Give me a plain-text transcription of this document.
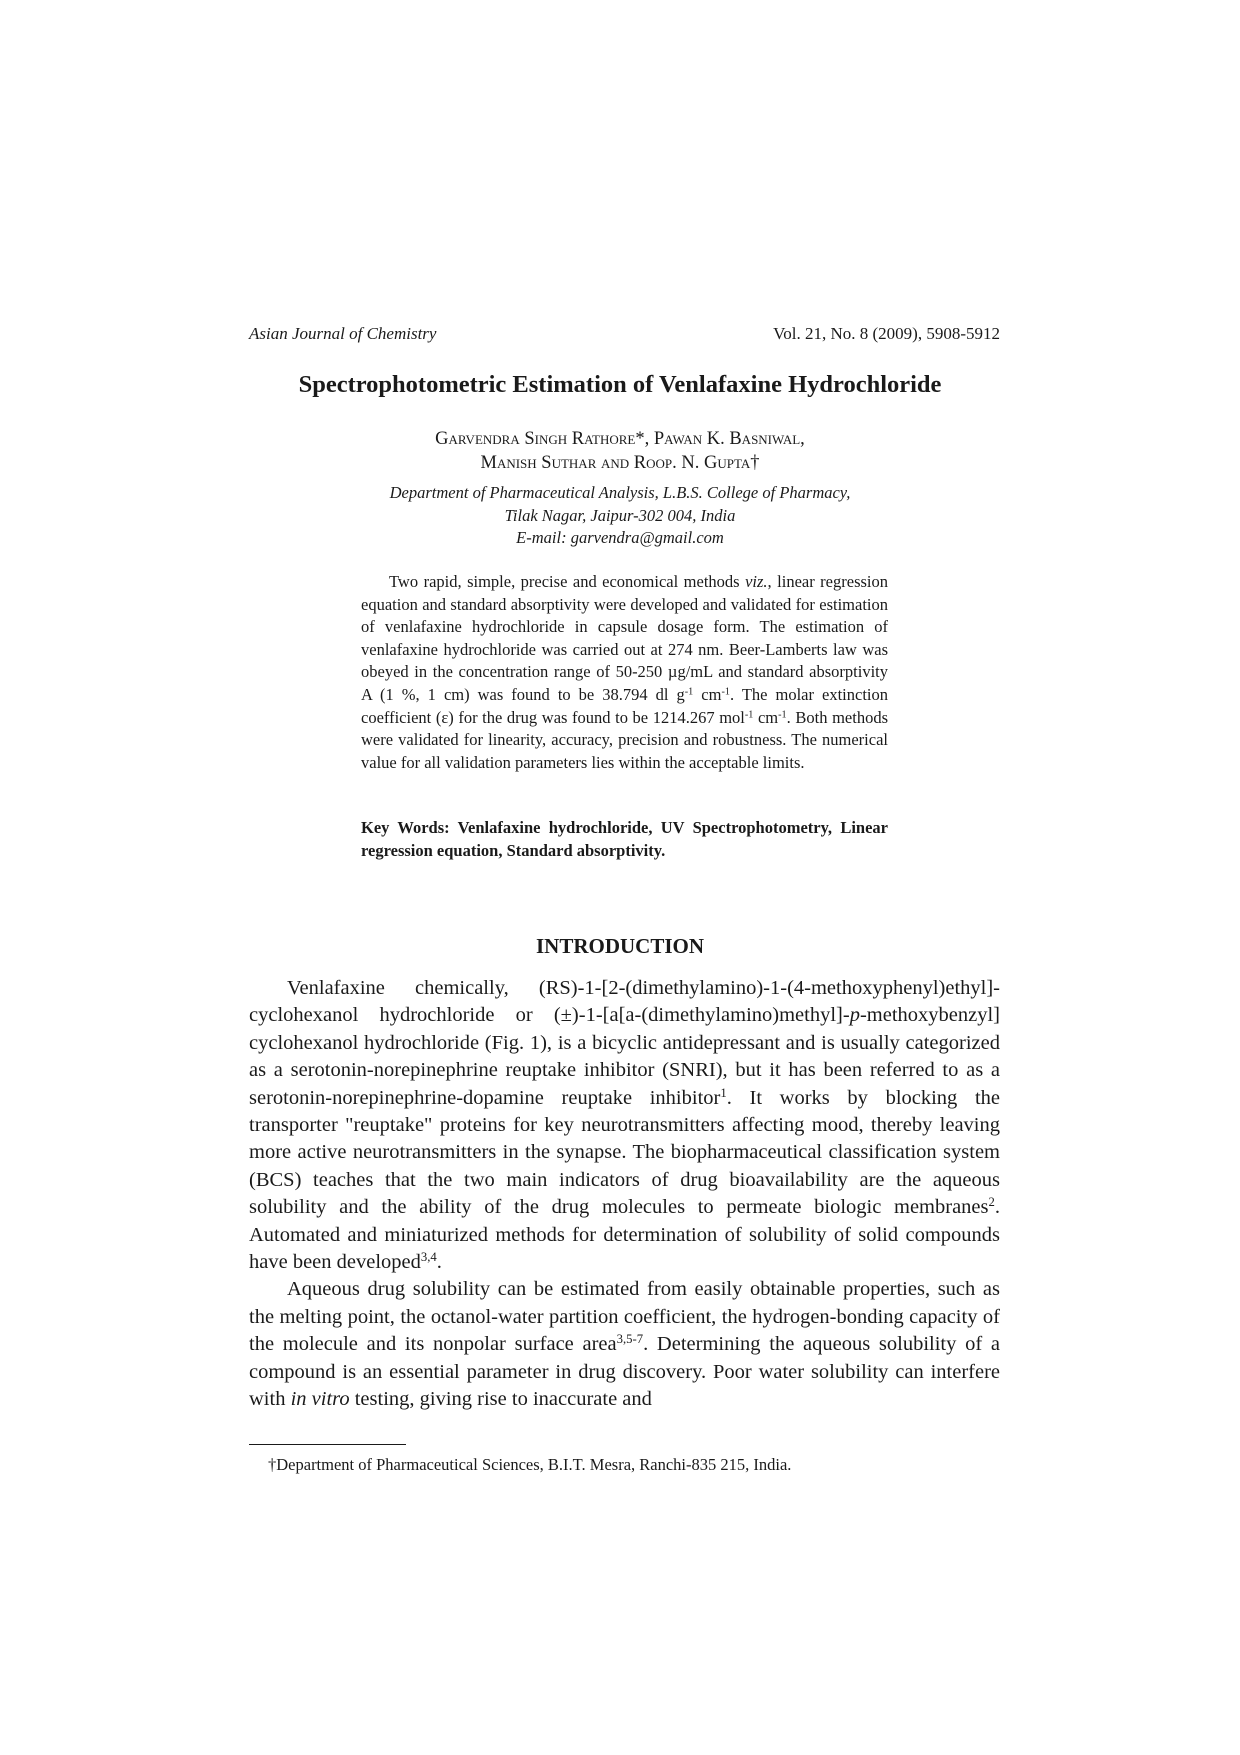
Asian Journal of Chemistry	Vol. 21, No. 8 (2009), 5908-5912
Spectrophotometric Estimation of Venlafaxine Hydrochloride
Garvendra Singh Rathore*, Pawan K. Basniwal,
Manish Suthar and Roop. N. Gupta†
Department of Pharmaceutical Analysis, L.B.S. College of Pharmacy,
Tilak Nagar, Jaipur-302 004, India
E-mail: garvendra@gmail.com

Two rapid, simple, precise and economical methods viz., linear regression equation and standard absorptivity were developed and validated for estimation of venlafaxine hydrochloride in capsule dosage form. The estimation of venlafaxine hydrochloride was carried out at 274 nm. Beer-Lamberts law was obeyed in the concentration range of 50-250 µg/mL and standard absorptivity A (1 %, 1 cm) was found to be 38.794 dl $g^{-1}$ $cm^{-1}$. The molar extinction coefficient (ε) for the drug was found to be 1214.267 mol$^{-1}$ $cm^{-1}$. Both methods were validated for linearity, accuracy, precision and robustness. The numerical value for all validation parameters lies within the acceptable limits.

Key Words: Venlafaxine hydrochloride, UV Spectrophotometry, Linear regression equation, Standard absorptivity.
INTRODUCTION

Venlafaxine chemically, (RS)-1-[2-(dimethylamino)-1-(4-methoxyphenyl)ethyl]-cyclohexanol hydrochloride or (±)-1-[a[a-(dimethylamino)methyl]-p-methoxybenzyl] cyclohexanol hydrochloride (Fig. 1), is a bicyclic antidepressant and is usually categorized as a serotonin-norepinephrine reuptake inhibitor (SNRI), but it has been referred to as a serotonin-norepinephrine-dopamine reuptake inhibitor$^1$. It works by blocking the transporter "reuptake" proteins for key neurotransmitters affecting mood, thereby leaving more active neurotransmitters in the synapse. The biopharmaceutical classification system (BCS) teaches that the two main indicators of drug bioavailability are the aqueous solubility and the ability of the drug molecules to permeate biologic membranes$^2$. Automated and miniaturized methods for determination of solubility of solid compounds have been developed$^{3,4}$.

Aqueous drug solubility can be estimated from easily obtainable properties, such as the melting point, the octanol-water partition coefficient, the hydrogen-bonding capacity of the molecule and its nonpolar surface area$^{3,5-7}$. Determining the aqueous solubility of a compound is an essential parameter in drug discovery. Poor water solubility can interfere with in vitro testing, giving rise to inaccurate and

†Department of Pharmaceutical Sciences, B.I.T. Mesra, Ranchi-835 215, India.
